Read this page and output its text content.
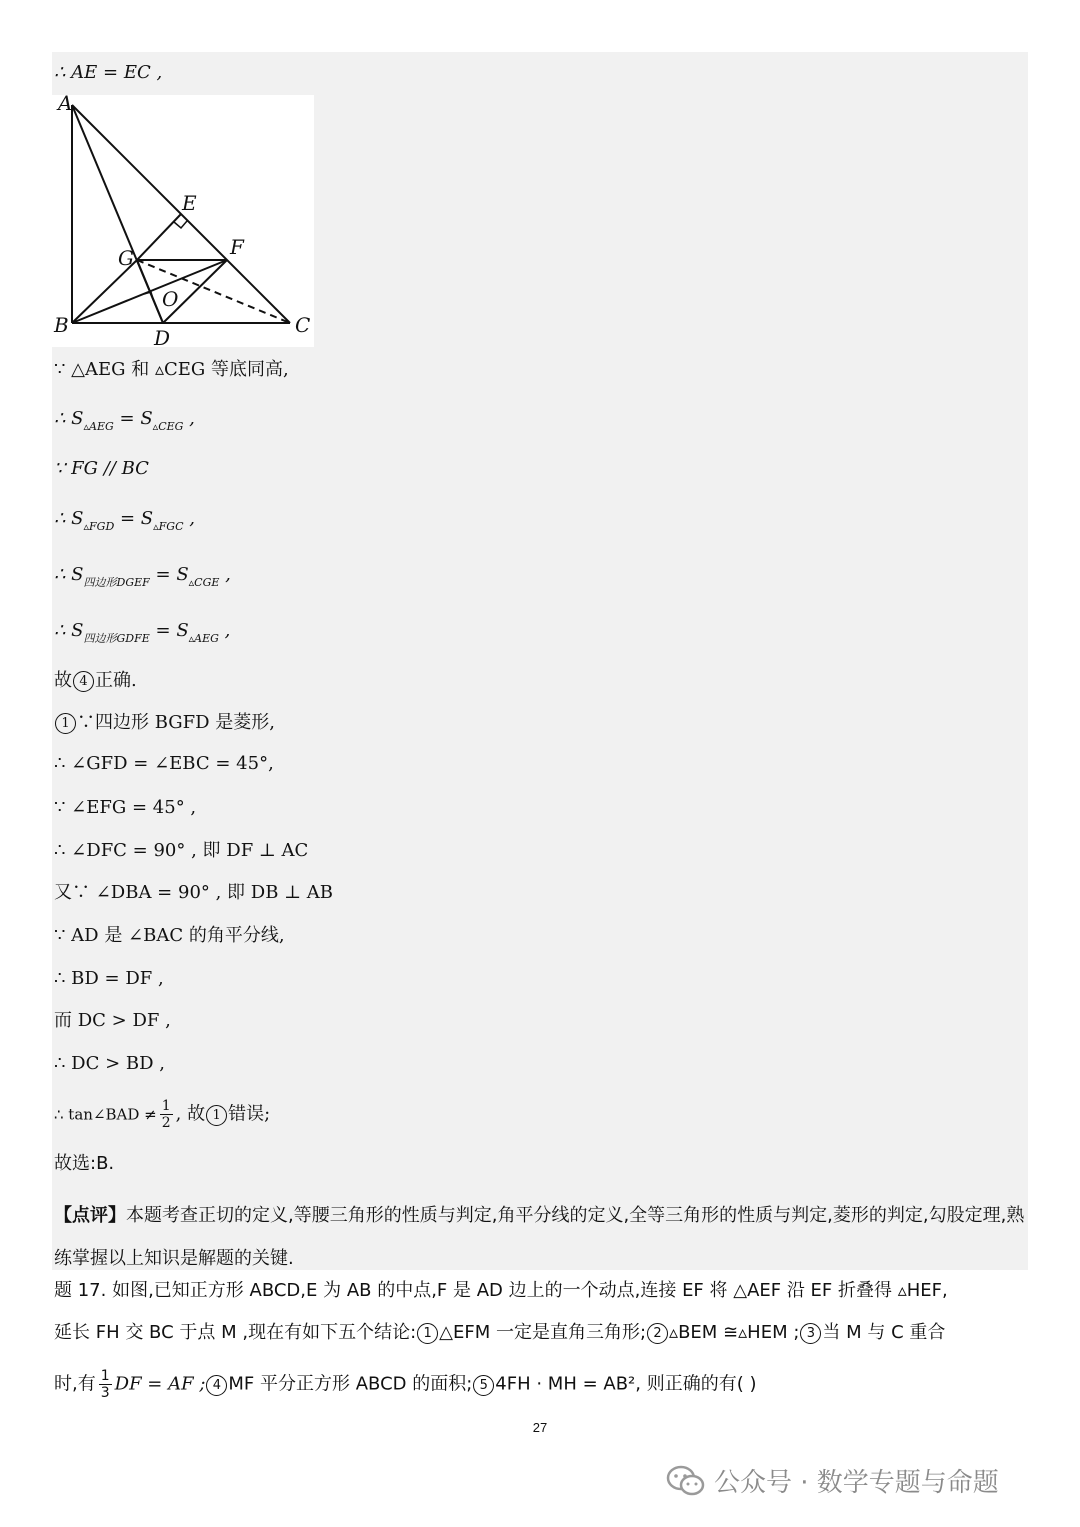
∴ AE = EC ,
A
E
F
G
O
B
D
C
∵ △AEG 和 ▵CEG 等底同高,
∴ $S_{▵AEG} = S_{▵CEG}$ ,
∵ FG // BC
∴ $S_{▵FGD} = S_{▵FGC}$ ,
∴ $S_{四边形DGEF} = S_{▵CGE}$ ,
∴ $S_{四边形GDFE} = S_{▵AEG}$ ,
故 4 正确.
1 ∵四边形 BGFD 是菱形,
∴ ∠GFD = ∠EBC = 45°,
∵ ∠EFG = 45° ,
∴ ∠DFC = 90° , 即 DF ⊥ AC
又∵ ∠DBA = 90° , 即 DB ⊥ AB
∵ AD 是 ∠BAC 的角平分线,
∴ BD = DF ,
而 DC > DF ,
∴ DC > BD ,
∴ tan∠BAD ≠ $\frac{1}{2}$ , 故 1 错误;
故选:B.
【点评】本题考查正切的定义,等腰三角形的性质与判定,角平分线的定义,全等三角形的性质与判定,菱形的判定,勾股定理,熟练掌握以上知识是解题的关键.
题 17. 如图,已知正方形 ABCD,E 为 AB 的中点,F 是 AD 边上的一个动点,连接 EF 将 △AEF 沿 EF 折叠得 ▵HEF,
延长 FH 交 BC 于点 M ,现在有如下五个结论: 1 △EFM 一定是直角三角形; 2 ▵BEM ≅▵HEM ; 3 当 M 与 C 重合
时,有 $\frac{1}{3}$ DF = AF ; 4 MF 平分正方形 ABCD 的面积; 5 4FH · MH = AB², 则正确的有( )
27
公众号 · 数学专题与命题
